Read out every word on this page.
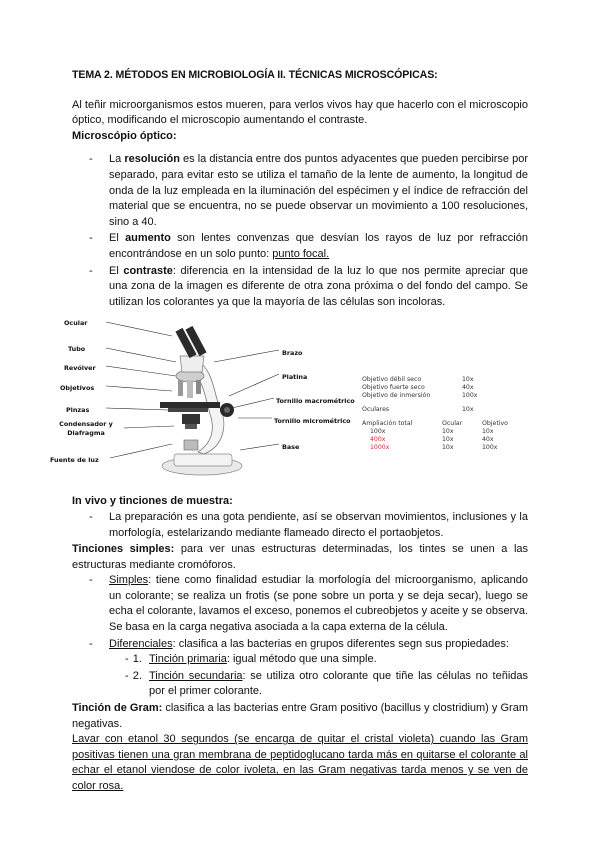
TEMA 2. MÉTODOS EN MICROBIOLOGÍA II. TÉCNICAS MICROSCÓPICAS:

Al teñir microorganismos estos mueren, para verlos vivos hay que hacerlo con el microscopio óptico, modificando el microscopio aumentando el contraste.

Microscópio óptico:
- La resolución es la distancia entre dos puntos adyacentes que pueden percibirse por separado, para evitar esto se utiliza el tamaño de la lente de aumento, la longitud de onda de la luz empleada en la iluminación del espécimen y el índice de refracción del material que se encuentra, no se puede observar un movimiento a 100 resoluciones, sino a 40.
- El aumento son lentes convenzas que desvían los rayos de luz por refracción encontrándose en un solo punto: punto focal.
- El contraste: diferencia en la intensidad de la luz lo que nos permite apreciar que una zona de la imagen es diferente de otra zona próxima o del fondo del campo. Se utilizan los colorantes ya que la mayoría de las células son incoloras.
Ocular
Tubo
Revólver
Objetivos
Pinzas
Condensador y Diafragma
Fuente de luz
Brazo
Platina
Tornillo macrométrico
Tornillo micrométrico
Base
Objetivo débil seco	10x
Objetivo fuerte seco	40x
Objetivo de inmersión	100x
Oculares	10x
Ampliación total	Ocular	Objetivo
100x	10x	10x
400x	10x	40x
1000x	10x	100x
In vivo y tinciones de muestra:
- La preparación es una gota pendiente, así se observan movimientos, inclusiones y la morfología, estelarizando mediante flameado directo el portaobjetos.

Tinciones simples: para ver unas estructuras determinadas, los tintes se unen a las estructuras mediante cromóforos.

- Simples: tiene como finalidad estudiar la morfología del microorganismo, aplicando un colorante; se realiza un frotis (se pone sobre un porta y se deja secar), luego se echa el colorante, lavamos el exceso, ponemos el cubreobjetos y aceite y se observa. Se basa en la carga negativa asociada a la capa externa de la célula.
- Diferenciales: clasifica a las bacterias en grupos diferentes segn sus propiedades:
- 1. Tinción primaria: igual método que una simple.
- 2. Tinción secundaria: se utiliza otro colorante que tiñe las células no teñidas por el primer colorante.

Tinción de Gram: clasifica a las bacterias entre Gram positivo (bacillus y clostridium) y Gram negativas.

Lavar con etanol 30 segundos (se encarga de quitar el cristal violeta) cuando las Gram positivas tienen una gran membrana de peptidoglucano tarda más en quitarse el colorante al echar el etanol viendose de color ivoleta, en las Gram negativas tarda menos y se ven de color rosa.
